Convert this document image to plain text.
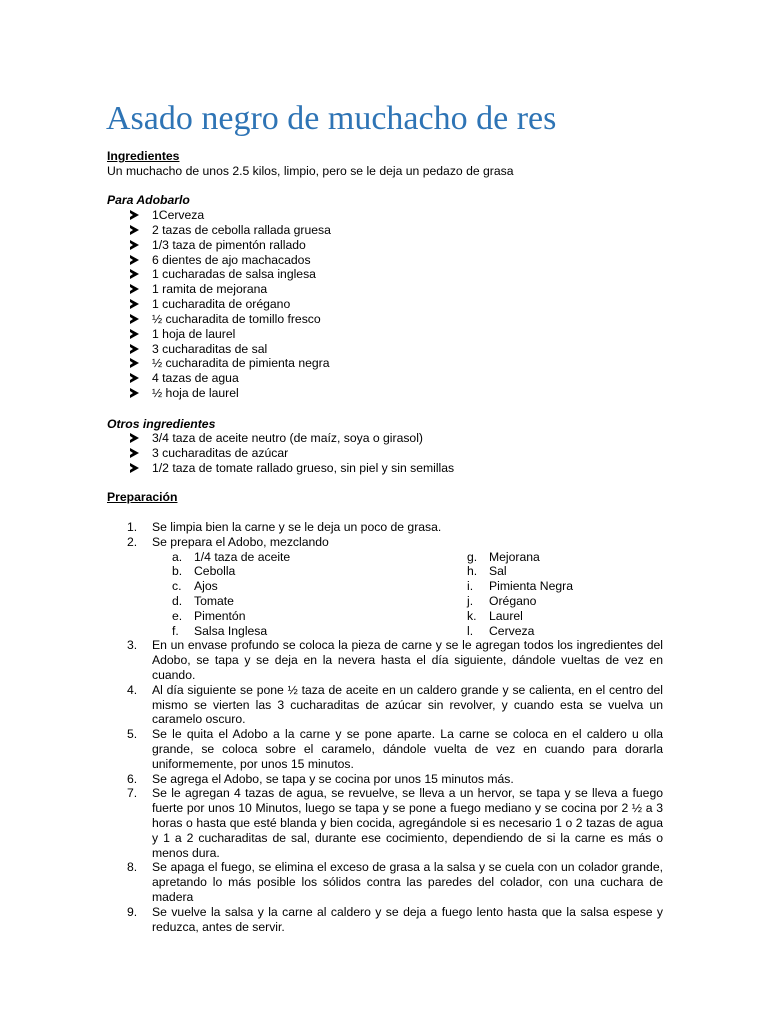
Asado negro de muchacho de res
Ingredientes
Un muchacho de unos 2.5 kilos, limpio, pero se le deja un pedazo de grasa
Para Adobarlo
1Cerveza
2 tazas de cebolla rallada gruesa
1/3 taza de pimentón rallado
6 dientes de ajo machacados
1 cucharadas de salsa inglesa
1 ramita de mejorana
1 cucharadita de orégano
½ cucharadita de tomillo fresco
1 hoja de laurel
3 cucharaditas de sal
½ cucharadita de pimienta negra
4 tazas de agua
½ hoja de laurel
Otros ingredientes
3/4 taza de aceite neutro (de maíz, soya o girasol)
3 cucharaditas de azúcar
1/2 taza de tomate rallado grueso, sin piel y sin semillas
Preparación
1. Se limpia bien la carne y se le deja un poco de grasa.
2. Se prepara el Adobo, mezclando
a. 1/4 taza de aceite
b. Cebolla
c. Ajos
d. Tomate
e. Pimentón
f. Salsa Inglesa
g. Mejorana
h. Sal
i. Pimienta Negra
j. Orégano
k. Laurel
l. Cerveza
3. En un envase profundo se coloca la pieza de carne y se le agregan todos los ingredientes del Adobo, se tapa y se deja en la nevera hasta el día siguiente, dándole vueltas de vez en cuando.
4. Al día siguiente se pone ½ taza de aceite en un caldero grande y se calienta, en el centro del mismo se vierten las 3 cucharaditas de azúcar sin revolver, y cuando esta se vuelva un caramelo oscuro.
5. Se le quita el Adobo a la carne y se pone aparte. La carne se coloca en el caldero u olla grande, se coloca sobre el caramelo, dándole vuelta de vez en cuando para dorarla uniformemente, por unos 15 minutos.
6. Se agrega el Adobo, se tapa y se cocina por unos 15 minutos más.
7. Se le agregan 4 tazas de agua, se revuelve, se lleva a un hervor, se tapa y se lleva a fuego fuerte por unos 10 Minutos, luego se tapa y se pone a fuego mediano y se cocina por 2 ½ a 3 horas o hasta que esté blanda y bien cocida, agregándole si es necesario 1 o 2 tazas de agua y 1 a 2 cucharaditas de sal, durante ese cocimiento, dependiendo de si la carne es más o menos dura.
8. Se apaga el fuego, se elimina el exceso de grasa a la salsa y se cuela con un colador grande, apretando lo más posible los sólidos contra las paredes del colador, con una cuchara de madera
9. Se vuelve la salsa y la carne al caldero y se deja a fuego lento hasta que la salsa espese y reduzca, antes de servir.
